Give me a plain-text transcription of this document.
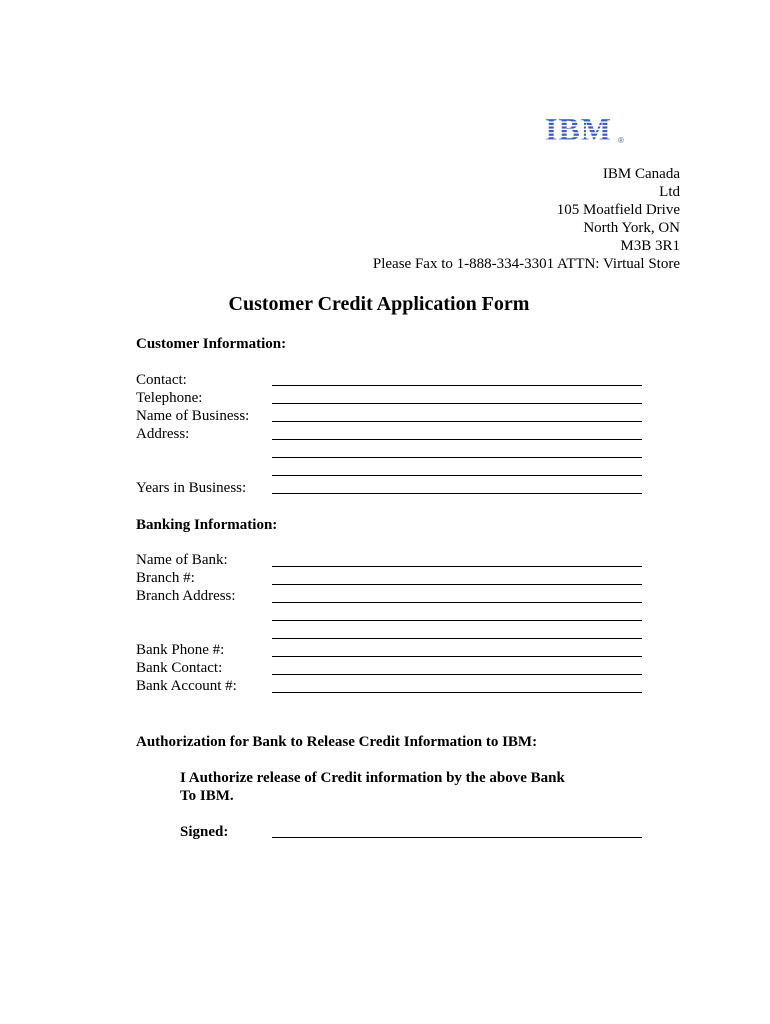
IBM ®
IBM Canada
Ltd
105 Moatfield Drive
North York, ON
M3B 3R1
Please Fax to 1-888-334-3301 ATTN: Virtual Store
Customer Credit Application Form
Customer Information:
Contact:
Telephone:
Name of Business:
Address:
Years in Business:
Banking Information:
Name of Bank:
Branch #:
Branch Address:
Bank Phone #:
Bank Contact:
Bank Account #:
Authorization for Bank to Release Credit Information to IBM:
I Authorize release of Credit information by the above Bank
To IBM.
Signed:
